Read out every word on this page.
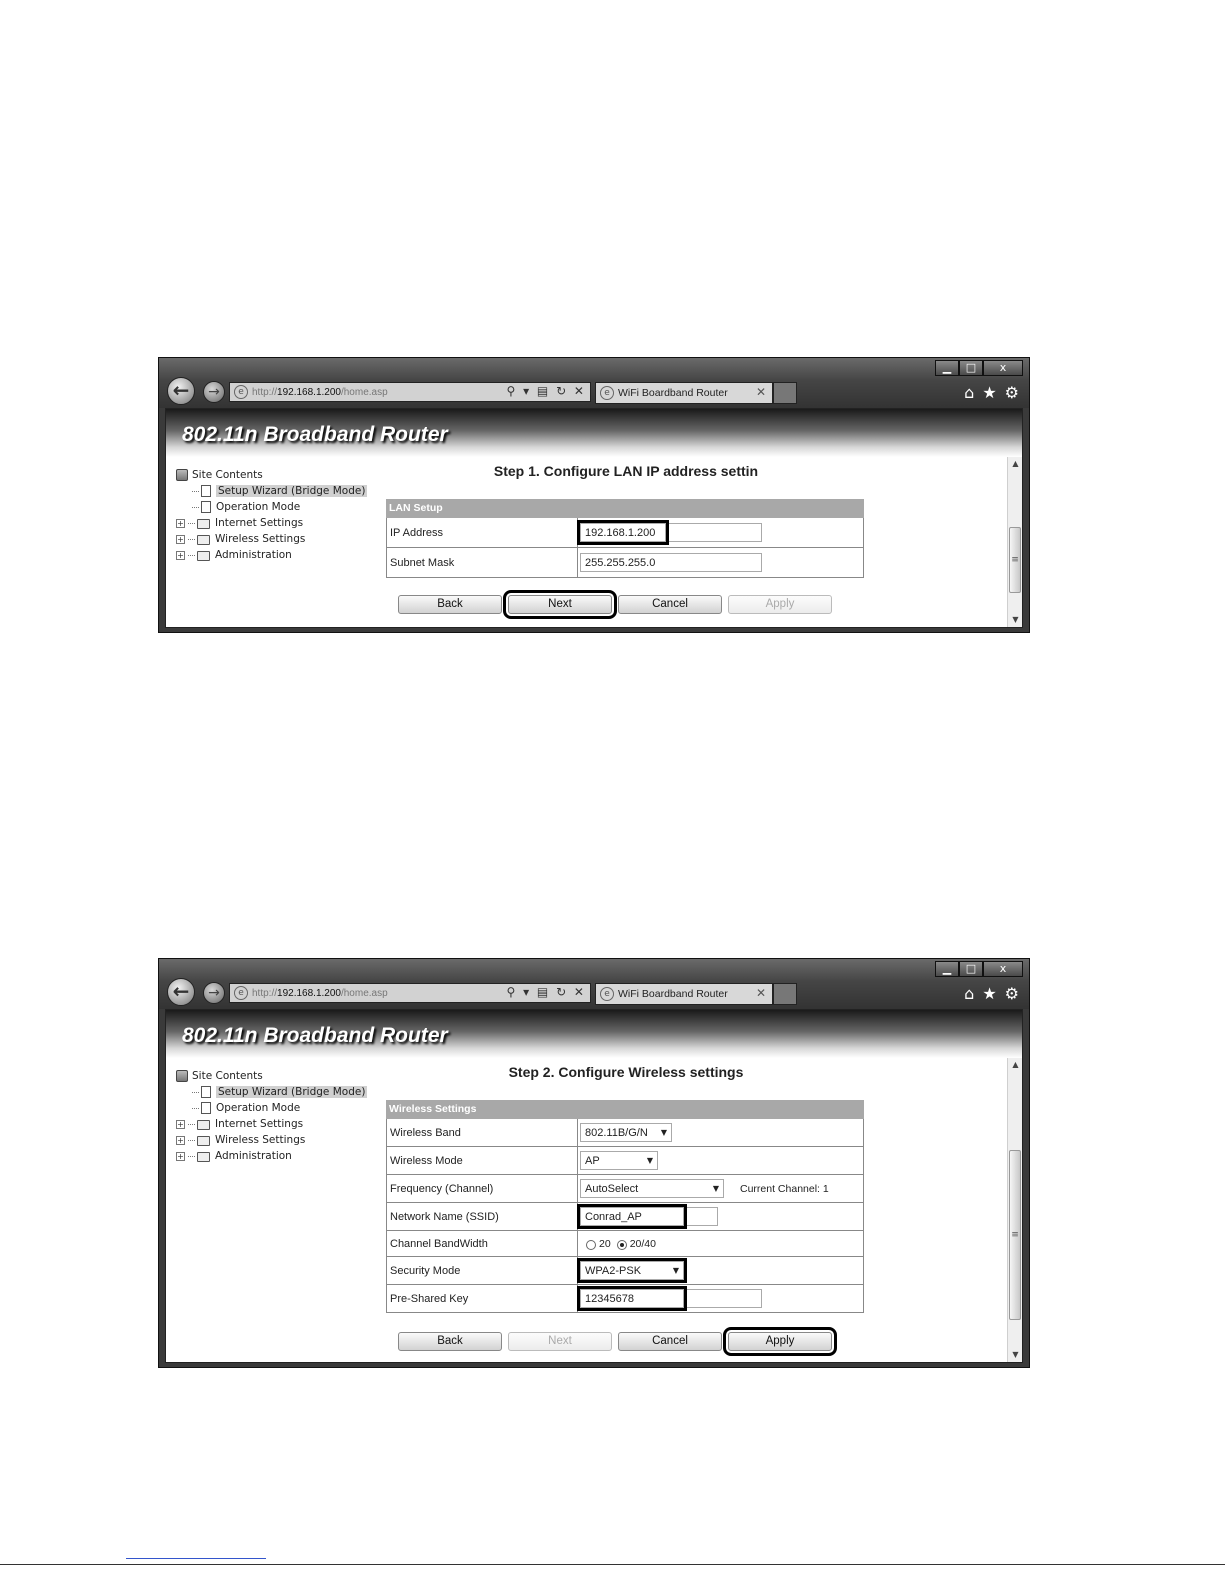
▁	□	x
←	→	e http:// 192.168.1.200 /home.asp	⚲ ▾ ▤ ↻ ✕	e WiFi Boardband Router ✕	⌂ ★ ⚙
802.11n Broadband Router
Site Contents
Setup Wizard (Bridge Mode)
Operation Mode
+	Internet Settings
+	Wireless Settings
+	Administration
Step 1. Configure LAN IP address settin
LAN Setup
IP Address	192.168.1.200
Subnet Mask	255.255.255.0
Back	Next	Cancel	Apply
▲
≡
▼
▁	□	x
←	→	e http:// 192.168.1.200 /home.asp	⚲ ▾ ▤ ↻ ✕	e WiFi Boardband Router ✕	⌂ ★ ⚙
802.11n Broadband Router
Site Contents
Setup Wizard (Bridge Mode)
Operation Mode
+	Internet Settings
+	Wireless Settings
+	Administration
Step 2. Configure Wireless settings
Wireless Settings
Wireless Band	802.11B/G/N ▼
Wireless Mode	AP	▼
Frequency (Channel)	AutoSelect	▼ Current Channel: 1
Network Name (SSID)	Conrad_AP
Channel BandWidth	20 20/40
Security Mode	WPA2-PSK	▼
Pre-Shared Key	12345678
Back	Next	Cancel	Apply
▲
≡
▼
